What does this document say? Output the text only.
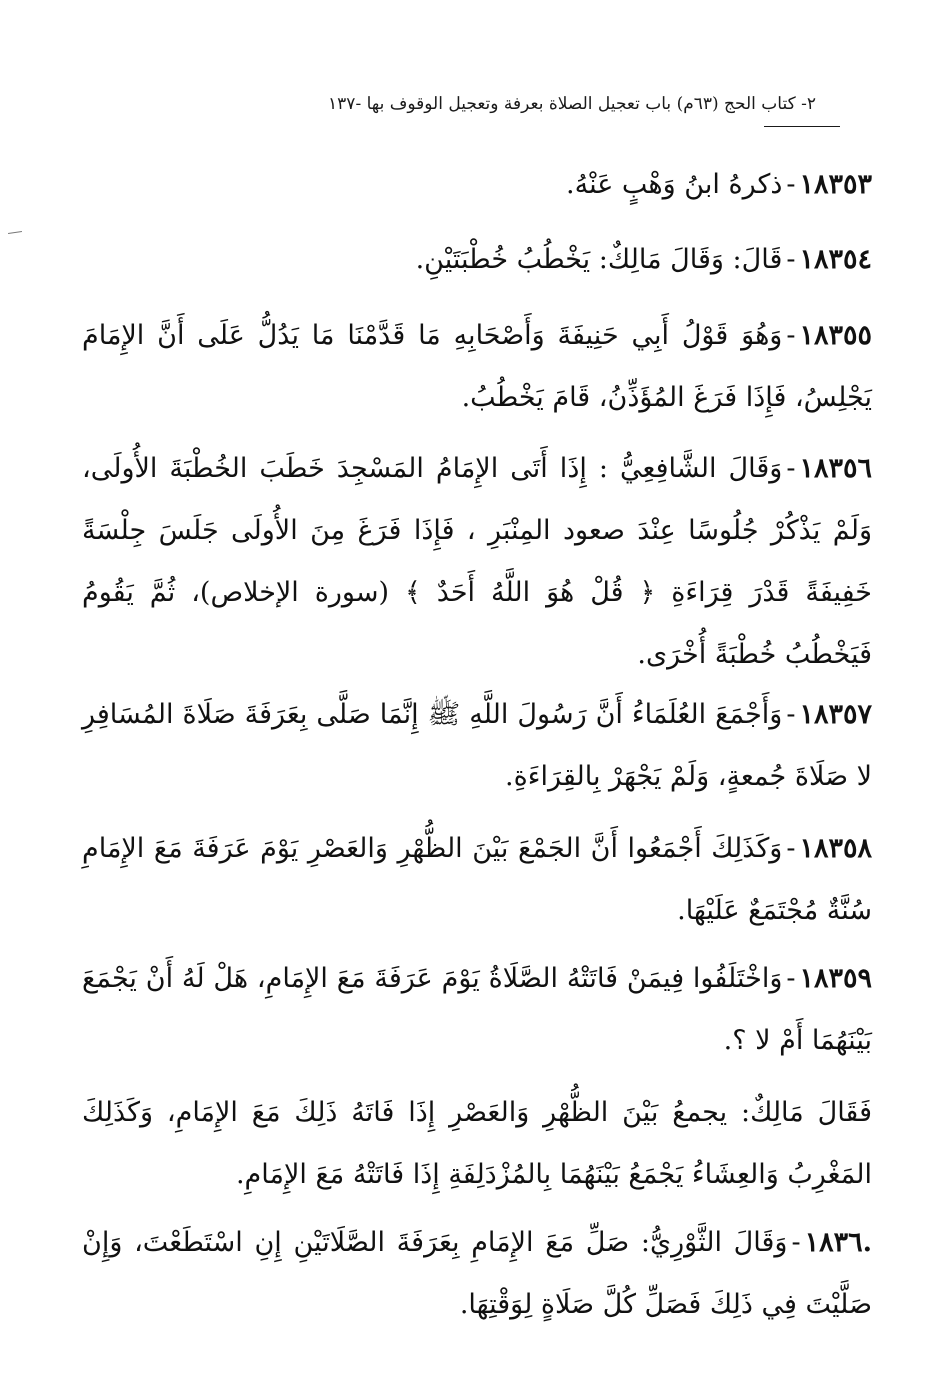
٢- كتاب الحج (٦٣م) باب تعجيل الصلاة بعرفة وتعجيل الوقوف بها -١٣٧
١٨٣٥٣-ذكرهُ ابنُ وَهْبٍ عَنْهُ.
١٨٣٥٤-قَالَ: وَقَالَ مَالِكٌ: يَخْطُبُ خُطْبَتَيْنِ.
١٨٣٥٥-وَهُوَ قَوْلُ أَبِي حَنِيفَةَ وَأَصْحَابِهِ مَا قَدَّمْنَا مَا يَدُلُّ عَلَى أَنَّ الإِمَامَ يَجْلِسُ، فَإِذَا فَرَغَ المُؤَذِّنُ، قَامَ يَخْطُبُ.
١٨٣٥٦-وَقَالَ الشَّافِعِيُّ : إِذَا أَتَى الإِمَامُ المَسْجِدَ خَطَبَ الخُطْبَةَ الأُولَى، وَلَمْ يَذْكُرْ جُلُوسًا عِنْدَ صعود المِنْبَرِ ، فَإِذَا فَرَغَ مِنَ الأُولَى جَلَسَ جِلْسَةً خَفِيفَةً قَدْرَ قِرَاءَةِ ﴿ قُلْ هُوَ اللَّهُ أَحَدٌ ﴾ (سورة الإخلاص)، ثُمَّ يَقُومُ فَيَخْطُبُ خُطْبَةً أُخْرَى.
١٨٣٥٧-وَأَجْمَعَ العُلَمَاءُ أَنَّ رَسُولَ اللَّهِ ﷺ إِنَّمَا صَلَّى بِعَرَفَةَ صَلَاةَ المُسَافِرِ لا صَلَاةَ جُمعةٍ، وَلَمْ يَجْهَرْ بِالقِرَاءَةِ.
١٨٣٥٨-وَكَذَلِكَ أَجْمَعُوا أَنَّ الجَمْعَ بَيْنَ الظُّهْرِ وَالعَصْرِ يَوْمَ عَرَفَةَ مَعَ الإِمَامِ سُنَّةٌ مُجْتَمَعٌ عَلَيْهَا.
١٨٣٥٩-وَاخْتَلَفُوا فِيمَنْ فَاتَتْهُ الصَّلَاةُ يَوْمَ عَرَفَةَ مَعَ الإِمَامِ، هَلْ لَهُ أَنْ يَجْمَعَ بَيْنَهُمَا أَمْ لا ؟.
فَقَالَ مَالِكٌ: يجمعُ بَيْنَ الظُّهْرِ وَالعَصْرِ إِذَا فَاتَهُ ذَلِكَ مَعَ الإِمَامِ، وَكَذَلِكَ المَغْرِبُ وَالعِشَاءُ يَجْمَعُ بَيْنَهُمَا بِالمُزْدَلِفَةِ إِذَا فَاتَتْهُ مَعَ الإِمَامِ.
.١٨٣٦-وَقَالَ الثَّوْرِيُّ: صَلِّ مَعَ الإِمَامِ بِعَرَفَةَ الصَّلَاتَيْنِ إِنِ اسْتَطَعْتَ، وَإِنْ صَلَّيْتَ فِي ذَلِكَ فَصَلِّ كُلَّ صَلَاةٍ لِوَقْتِهَا.
